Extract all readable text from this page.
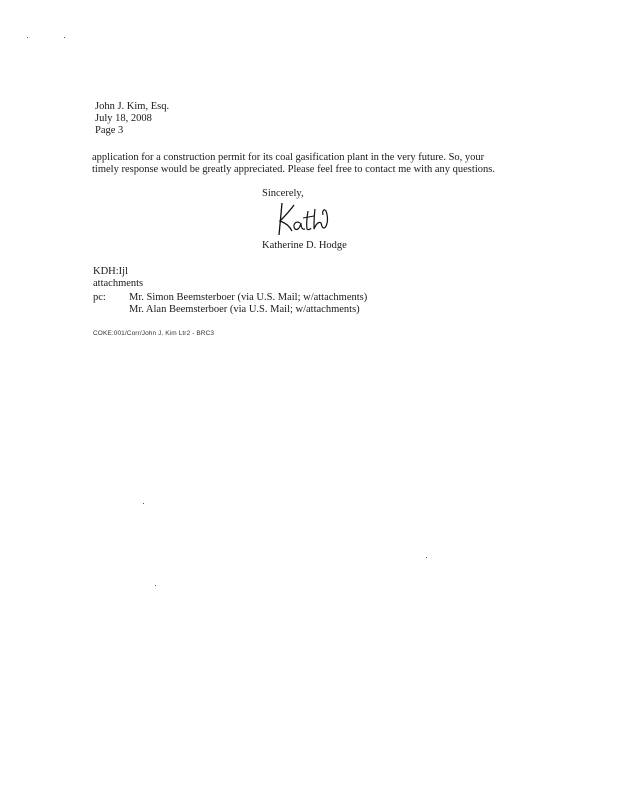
John J. Kim, Esq.
July 18, 2008
Page 3
application for a construction permit for its coal gasification plant in the very future. So, your
timely response would be greatly appreciated. Please feel free to contact me with any questions.
Sincerely,
Katherine D. Hodge
KDH:Ijl
attachments
pc: Mr. Simon Beemsterboer (via U.S. Mail; w/attachments)
Mr. Alan Beemsterboer (via U.S. Mail; w/attachments)
COKE:001/Corr/John J. Kim Ltr2 - BRC3
